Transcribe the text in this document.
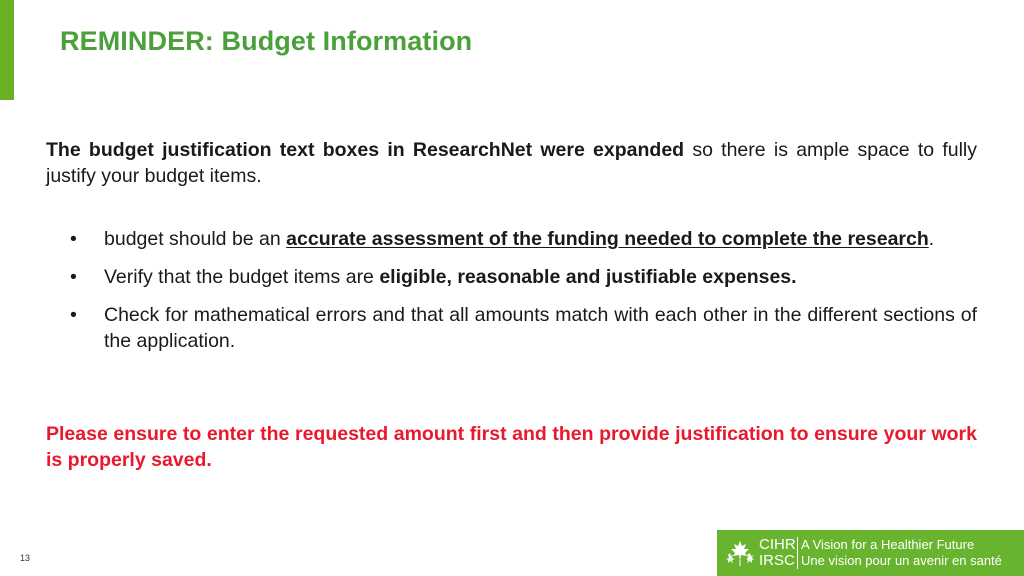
REMINDER: Budget Information

The budget justification text boxes in ResearchNet were expanded so there is ample space to fully justify your budget items.

•	budget should be an accurate assessment of the funding needed to complete the research.
•	Verify that the budget items are eligible, reasonable and justifiable expenses.
•	Check for mathematical errors and that all amounts match with each other in the different sections of the application.

Please ensure to enter the requested amount first and then provide justification to ensure your work is properly saved.

13
CIHR
IRSC
A Vision for a Healthier Future
Une vision pour un avenir en santé
